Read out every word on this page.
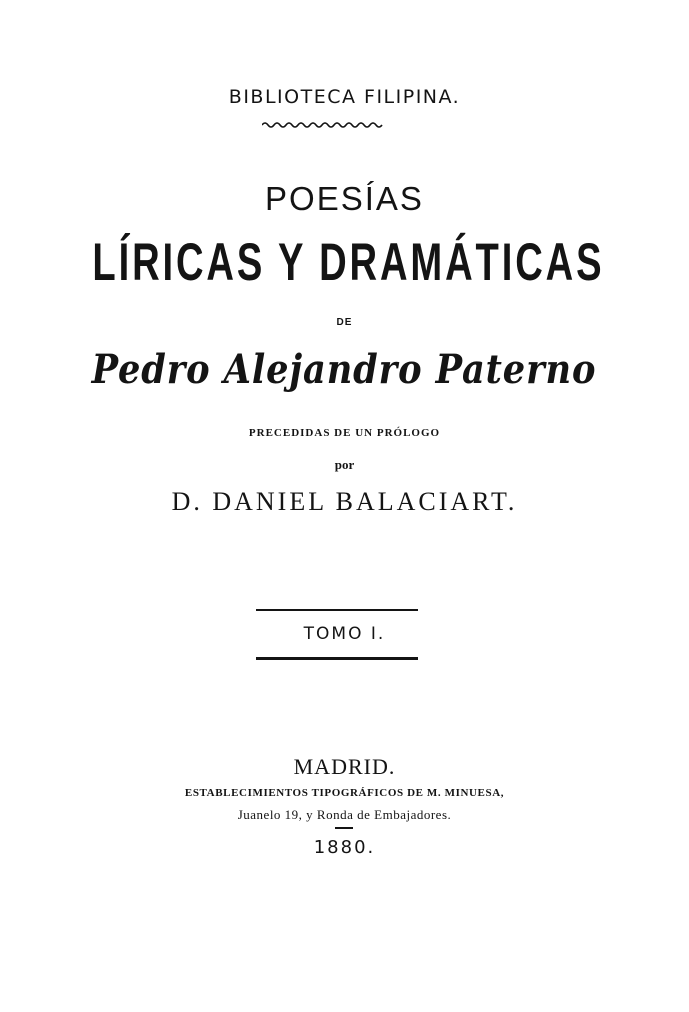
BIBLIOTECA FILIPINA.
POESÍAS
LÍRICAS Y DRAMÁTICAS
DE
Pedro Alejandro Paterno
PRECEDIDAS DE UN PRÓLOGO
por
D. DANIEL BALACIART.
TOMO I.
MADRID.
ESTABLECIMIENTOS TIPOGRÁFICOS DE M. MINUESA,
Juanelo 19, y Ronda de Embajadores.
1880.
